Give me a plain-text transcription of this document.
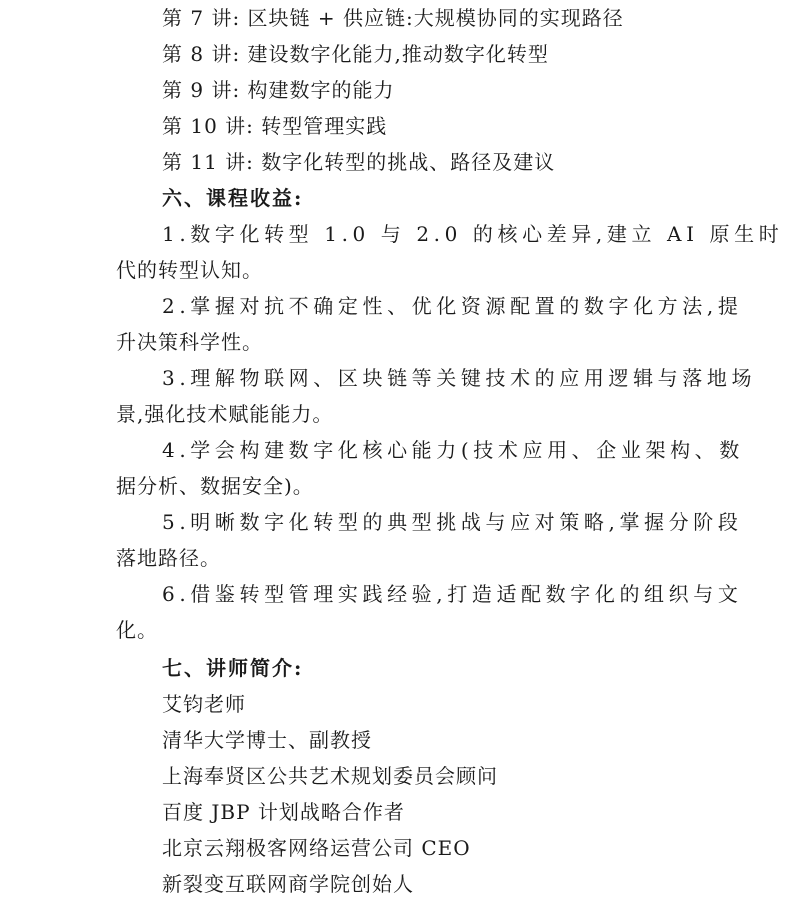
第 7 讲: 区块链 + 供应链:大规模协同的实现路径
第 8 讲: 建设数字化能力,推动数字化转型
第 9 讲: 构建数字的能力
第 10 讲: 转型管理实践
第 11 讲: 数字化转型的挑战、路径及建议
六、课程收益:
1.数字化转型 1.0 与 2.0 的核心差异,建立 AI 原生时
代的转型认知。
2.掌握对抗不确定性、优化资源配置的数字化方法,提
升决策科学性。
3.理解物联网、区块链等关键技术的应用逻辑与落地场
景,强化技术赋能能力。
4.学会构建数字化核心能力(技术应用、企业架构、数
据分析、数据安全)。
5.明晰数字化转型的典型挑战与应对策略,掌握分阶段
落地路径。
6.借鉴转型管理实践经验,打造适配数字化的组织与文
化。
七、讲师简介:
艾钧老师
清华大学博士、副教授
上海奉贤区公共艺术规划委员会顾问
百度 JBP 计划战略合作者
北京云翔极客网络运营公司 CEO
新裂变互联网商学院创始人
